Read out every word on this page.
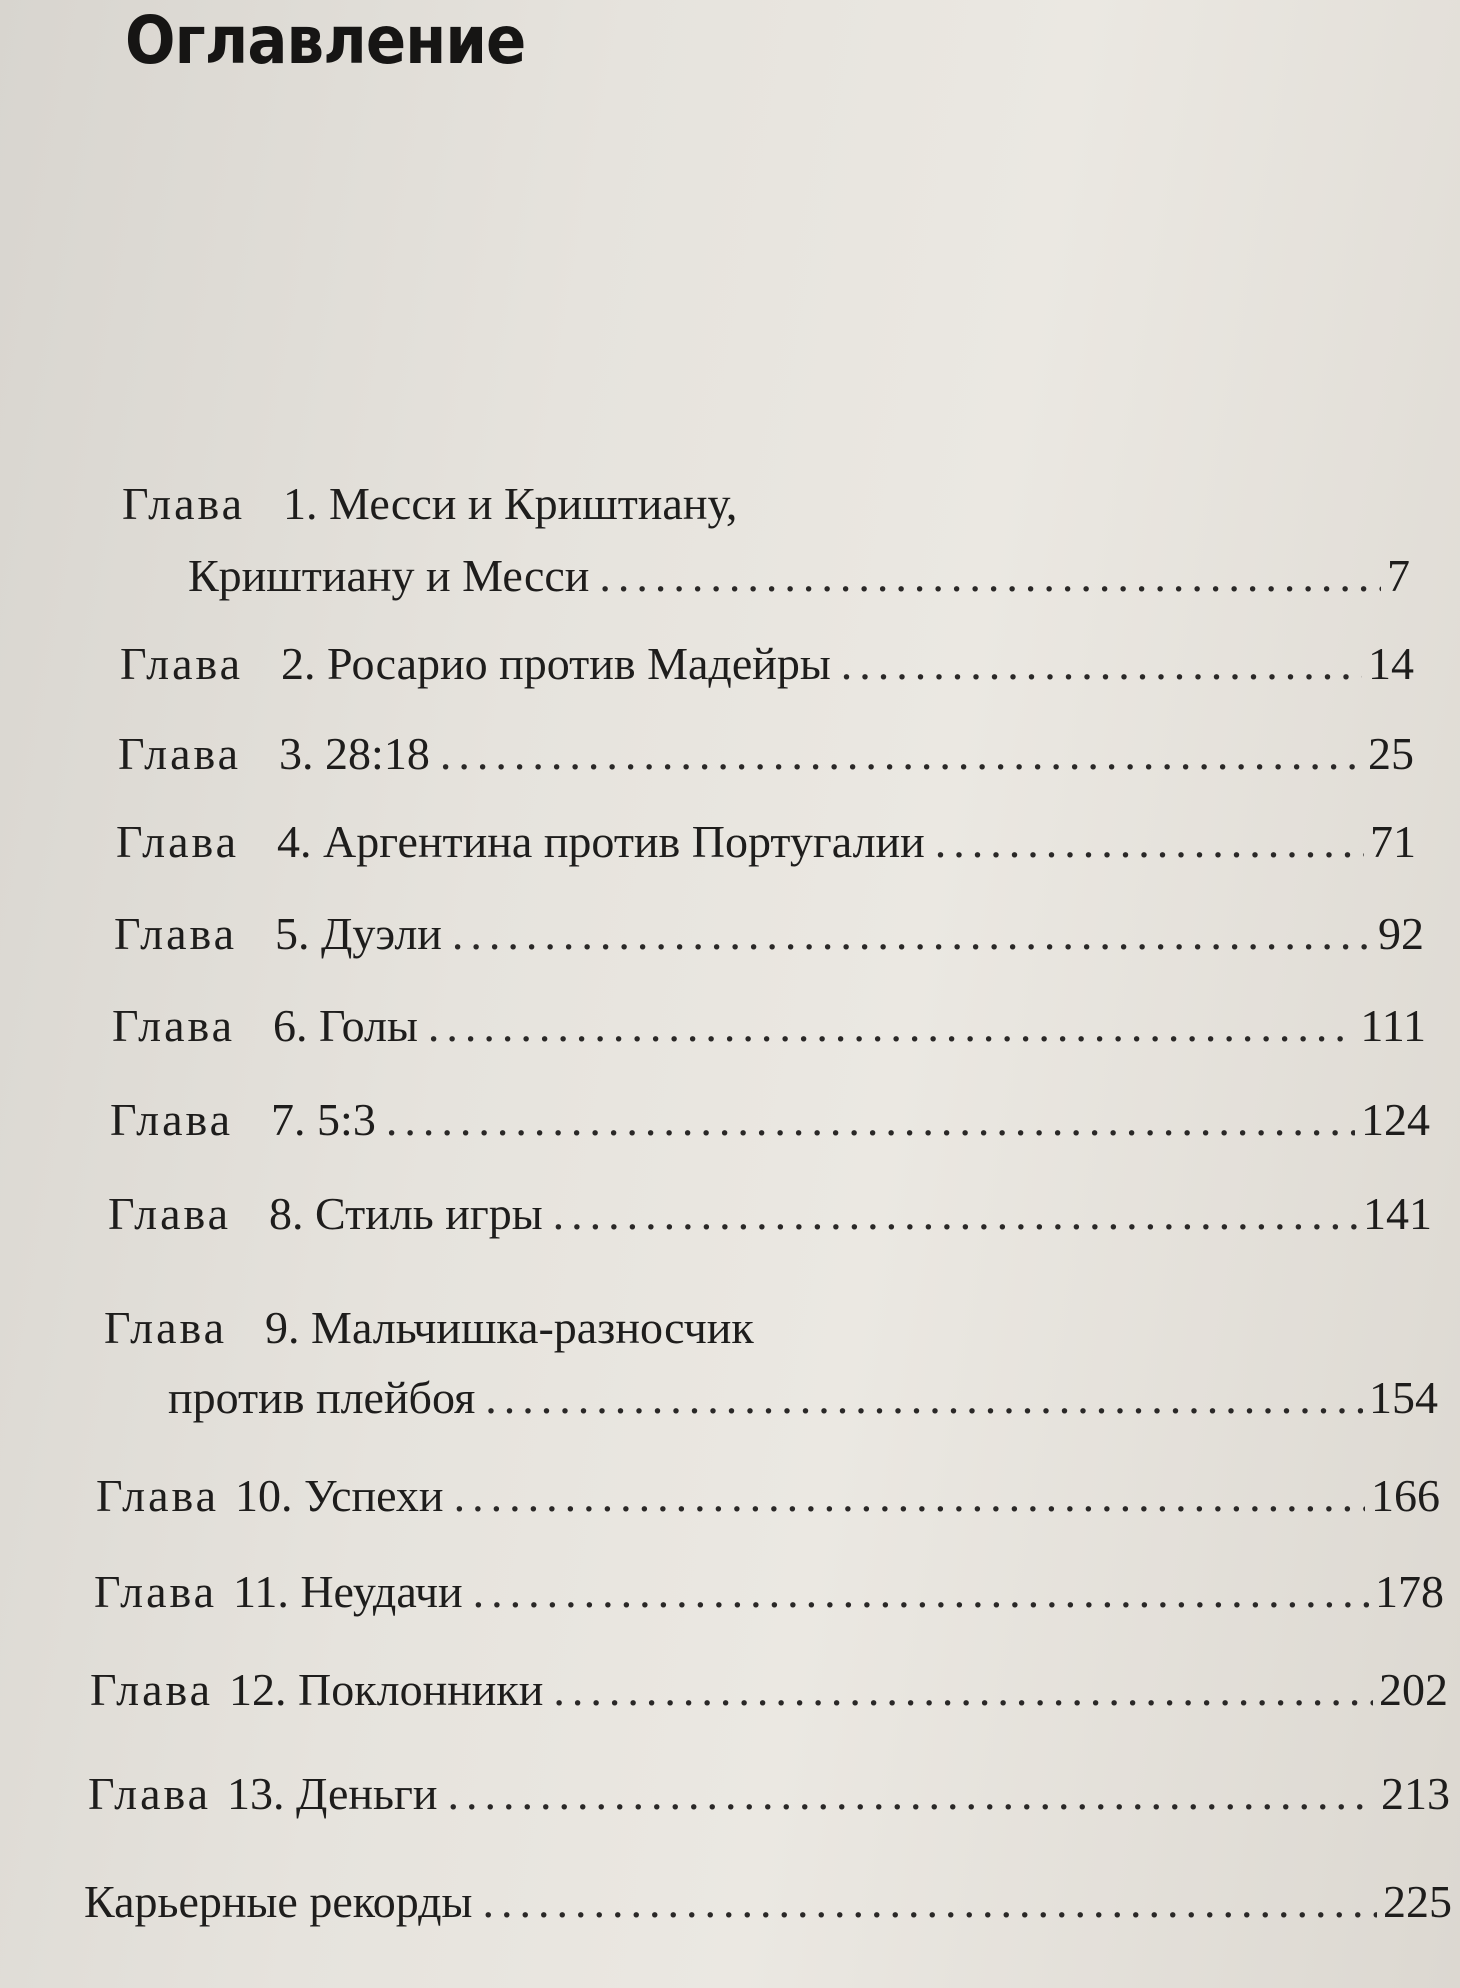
Оглавление
Глава 1. Месси и Криштиану,
Криштиану и Месси .....	7
Глава 2. Росарио против Мадейры .....	14
Глава 3. 28:18 .....	25
Глава 4. Аргентина против Португалии .....	71
Глава 5. Дуэли .....	92
Глава 6. Голы .....	111
Глава 7. 5:3 .....	124
Глава 8. Стиль игры .....	141
Глава 9. Мальчишка-разносчик
против плейбоя .....	154
Глава 10. Успехи .....	166
Глава 11. Неудачи .....	178
Глава 12. Поклонники .....	202
Глава 13. Деньги .....	213
Карьерные рекорды .....	225
